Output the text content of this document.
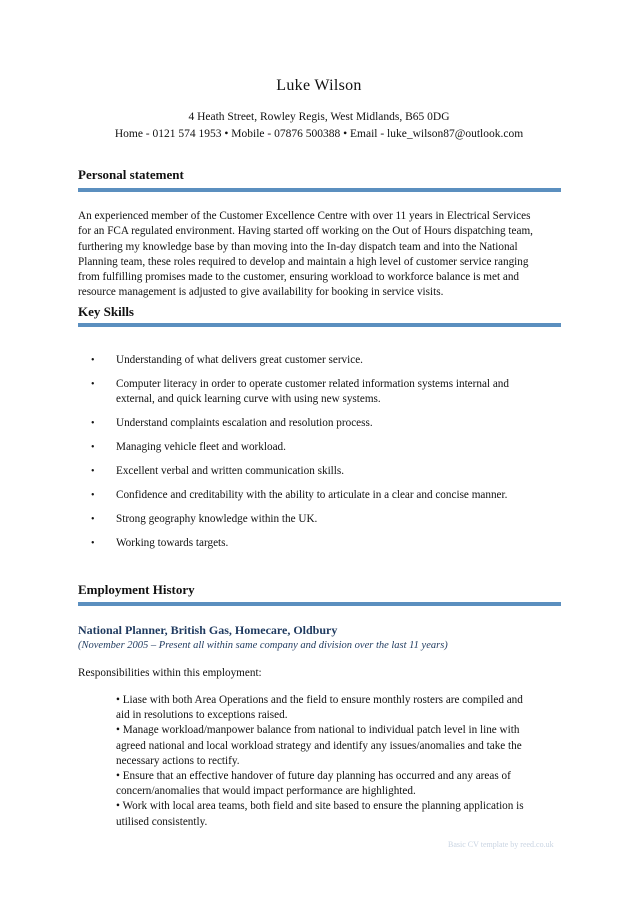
Luke Wilson
4 Heath Street, Rowley Regis, West Midlands, B65 0DG
Home - 0121 574 1953 • Mobile - 07876 500388 • Email - luke_wilson87@outlook.com
Personal statement
An experienced member of the Customer Excellence Centre with over 11 years in Electrical Services
for an FCA regulated environment. Having started off working on the Out of Hours dispatching team,
furthering my knowledge base by than moving into the In-day dispatch team and into the National
Planning team, these roles required to develop and maintain a high level of customer service ranging
from fulfilling promises made to the customer, ensuring workload to workforce balance is met and
resource management is adjusted to give availability for booking in service visits.
Key Skills
• Understanding of what delivers great customer service.
• Computer literacy in order to operate customer related information systems internal and
external, and quick learning curve with using new systems.
• Understand complaints escalation and resolution process.
• Managing vehicle fleet and workload.
• Excellent verbal and written communication skills.
• Confidence and creditability with the ability to articulate in a clear and concise manner.
• Strong geography knowledge within the UK.
• Working towards targets.
Employment History
National Planner, British Gas, Homecare, Oldbury
(November 2005 – Present all within same company and division over the last 11 years)
Responsibilities within this employment:
• Liase with both Area Operations and the field to ensure monthly rosters are compiled and
aid in resolutions to exceptions raised.
• Manage workload/manpower balance from national to individual patch level in line with
agreed national and local workload strategy and identify any issues/anomalies and take the
necessary actions to rectify.
• Ensure that an effective handover of future day planning has occurred and any areas of
concern/anomalies that would impact performance are highlighted.
• Work with local area teams, both field and site based to ensure the planning application is
utilised consistently.
Basic CV template by reed.co.uk
